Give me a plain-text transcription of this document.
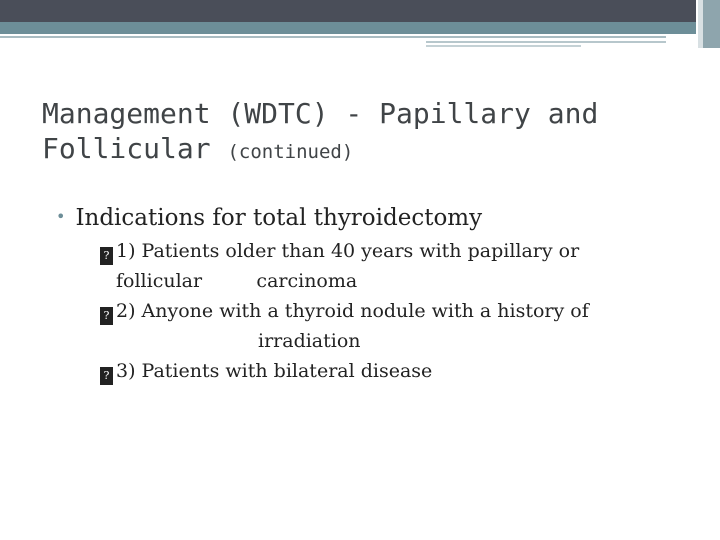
Management (WDTC) - Papillary and
Follicular (continued)
• Indications for total thyroidectomy
? 1) Patients older than 40 years with papillary or
follicular         carcinoma
? 2) Anyone with a thyroid nodule with a history of
irradiation
? 3) Patients with bilateral disease
